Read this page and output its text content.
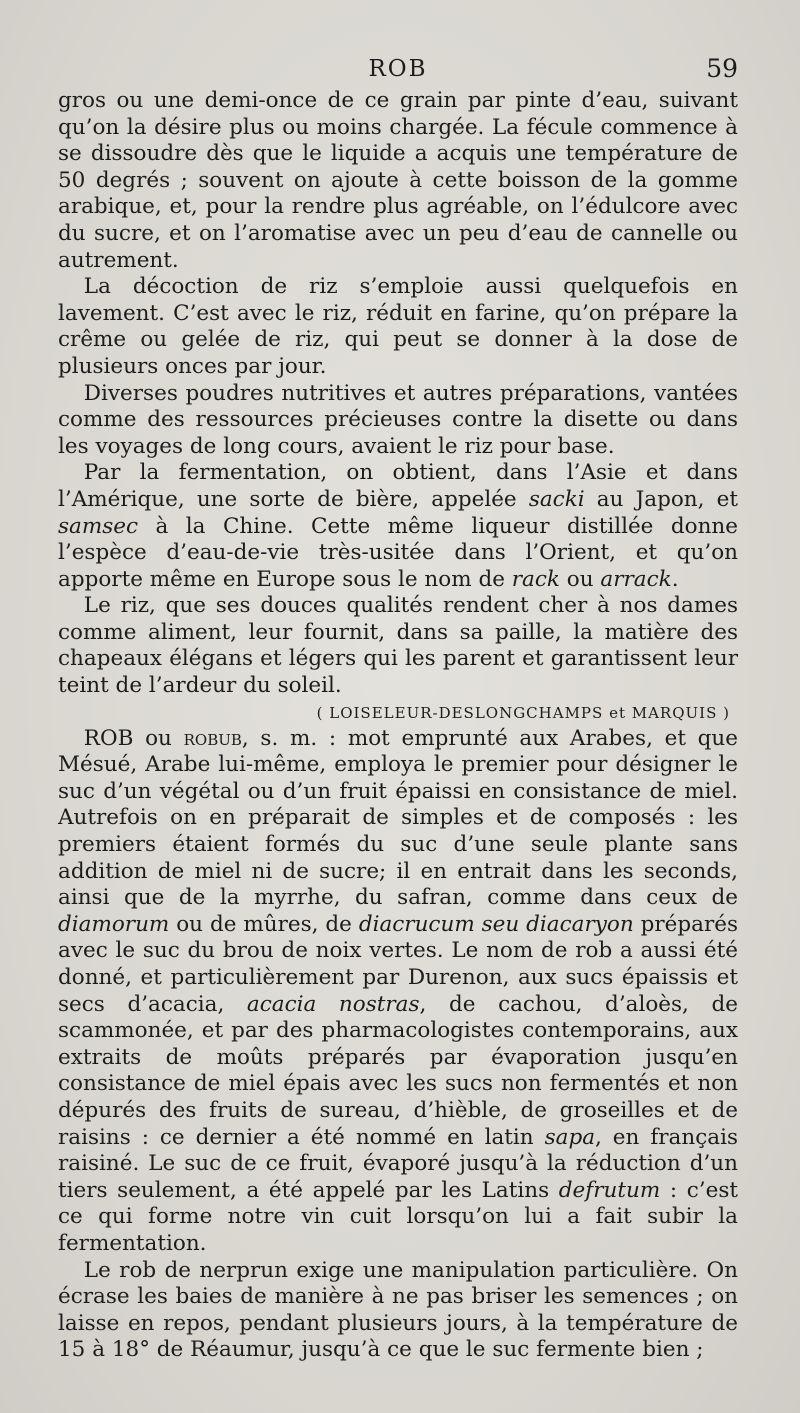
ROB	59

gros ou une demi-once de ce grain par pinte d’eau, suivant qu’on la désire plus ou moins chargée. La fécule commence à se dissoudre dès que le liquide a acquis une température de 50 degrés ; souvent on ajoute à cette boisson de la gomme arabique, et, pour la rendre plus agréable, on l’édulcore avec du sucre, et on l’aromatise avec un peu d’eau de cannelle ou autrement.

La décoction de riz s’emploie aussi quelquefois en lavement. C’est avec le riz, réduit en farine, qu’on prépare la crême ou gelée de riz, qui peut se donner à la dose de plusieurs onces par jour.

Diverses poudres nutritives et autres préparations, vantées comme des ressources précieuses contre la disette ou dans les voyages de long cours, avaient le riz pour base.

Par la fermentation, on obtient, dans l’Asie et dans l’Amérique, une sorte de bière, appelée sacki au Japon, et samsec à la Chine. Cette même liqueur distillée donne l’espèce d’eau-de-vie très-usitée dans l’Orient, et qu’on apporte même en Europe sous le nom de rack ou arrack.

Le riz, que ses douces qualités rendent cher à nos dames comme aliment, leur fournit, dans sa paille, la matière des chapeaux élégans et légers qui les parent et garantissent leur teint de l’ardeur du soleil.

( LOISELEUR-DESLONGCHAMPS et MARQUIS )

ROB ou robub, s. m. : mot emprunté aux Arabes, et que Mésué, Arabe lui-même, employa le premier pour désigner le suc d’un végétal ou d’un fruit épaissi en consistance de miel. Autrefois on en préparait de simples et de composés : les premiers étaient formés du suc d’une seule plante sans addition de miel ni de sucre; il en entrait dans les seconds, ainsi que de la myrrhe, du safran, comme dans ceux de diamorum ou de mûres, de diacrucum seu diacaryon préparés avec le suc du brou de noix vertes. Le nom de rob a aussi été donné, et particulièrement par Durenon, aux sucs épaissis et secs d’acacia, acacia nostras, de cachou, d’aloès, de scammonée, et par des pharmacologistes contemporains, aux extraits de moûts préparés par évaporation jusqu’en consistance de miel épais avec les sucs non fermentés et non dépurés des fruits de sureau, d’hièble, de groseilles et de raisins : ce dernier a été nommé en latin sapa, en français raisiné. Le suc de ce fruit, évaporé jusqu’à la réduction d’un tiers seulement, a été appelé par les Latins defrutum : c’est ce qui forme notre vin cuit lorsqu’on lui a fait subir la fermentation.

Le rob de nerprun exige une manipulation particulière. On écrase les baies de manière à ne pas briser les semences ; on laisse en repos, pendant plusieurs jours, à la température de 15 à 18° de Réaumur, jusqu’à ce que le suc fermente bien ;
